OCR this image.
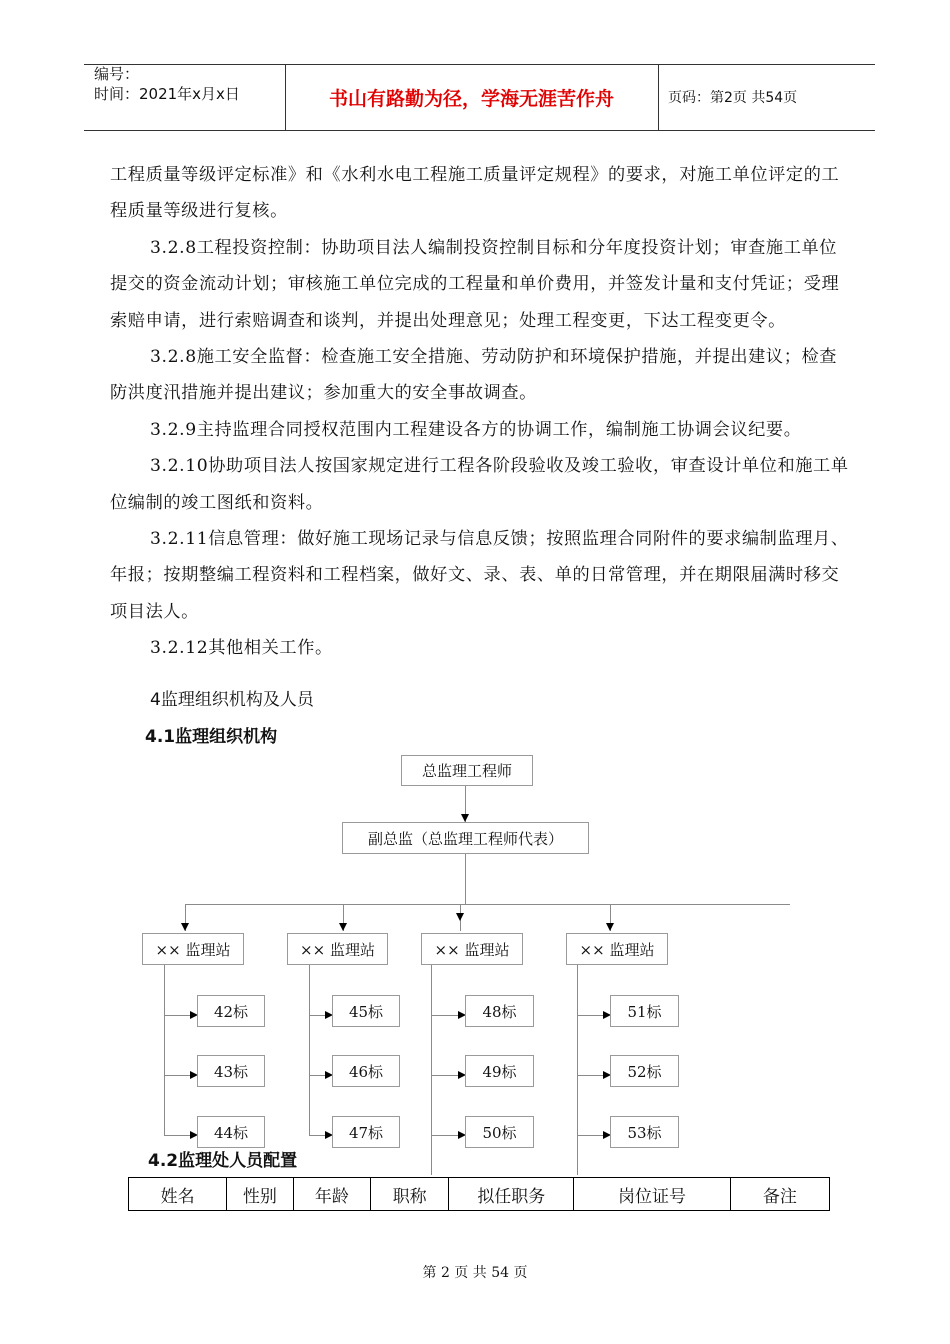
编号：
时间：2021年x月x日	书山有路勤为径，学海无涯苦作舟	页码：第2页 共54页

工程质量等级评定标准》和《水利水电工程施工质量评定规程》的要求，对施工单位评定的工程质量等级进行复核。

3.2.8工程投资控制：协助项目法人编制投资控制目标和分年度投资计划；审查施工单位提交的资金流动计划；审核施工单位完成的工程量和单价费用，并签发计量和支付凭证；受理索赔申请，进行索赔调查和谈判，并提出处理意见；处理工程变更，下达工程变更令。

3.2.8施工安全监督：检查施工安全措施、劳动防护和环境保护措施，并提出建议；检查防洪度汛措施并提出建议；参加重大的安全事故调查。

3.2.9主持监理合同授权范围内工程建设各方的协调工作，编制施工协调会议纪要。

3.2.10协助项目法人按国家规定进行工程各阶段验收及竣工验收，审查设计单位和施工单位编制的竣工图纸和资料。

3.2.11信息管理：做好施工现场记录与信息反馈；按照监理合同附件的要求编制监理月、年报；按期整编工程资料和工程档案，做好文、录、表、单的日常管理，并在期限届满时移交项目法人。

3.2.12其他相关工作。

4监理组织机构及人员
4.1监理组织机构
总监理工程师
副总监（总监理工程师代表）
×× 监理站	×× 监理站	×× 监理站	×× 监理站
42标
43标
44标
45标
46标
47标
48标
49标
50标
51标
52标
53标
4.2监理处人员配置
姓名	性别	年龄	职称	拟任职务	岗位证号	备注
第 2 页 共 54 页
